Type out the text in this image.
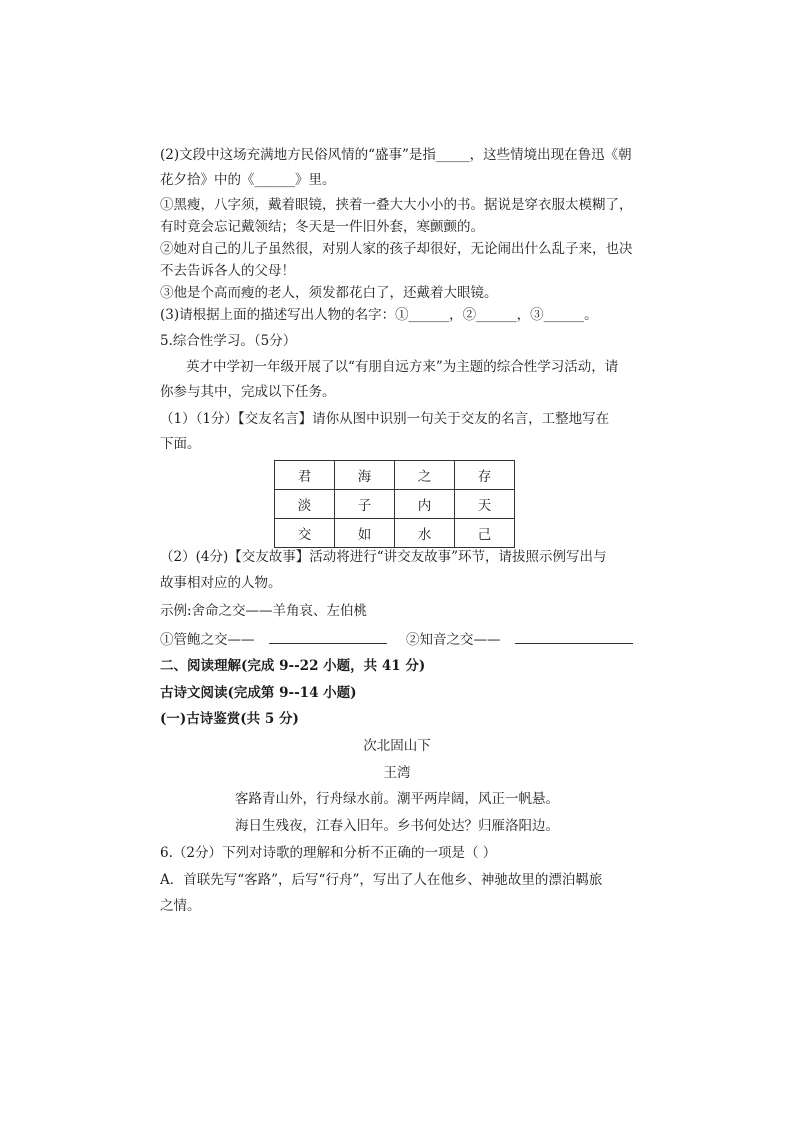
(2)文段中这场充满地方民俗风情的“盛事”是指_____，这些情境出现在鲁迅《朝
花夕拾》中的《______》里。
①黑瘦，八字须，戴着眼镜，挟着一叠大大小小的书。据说是穿衣服太模糊了，
有时竟会忘记戴领结；冬天是一件旧外套，寒颤颤的。
②她对自己的儿子虽然很，对别人家的孩子却很好，无论闹出什么乱子来，也决
不去告诉各人的父母！
③他是个高而瘦的老人，须发都花白了，还戴着大眼镜。
(3)请根据上面的描述写出人物的名字：①______，②______，③______。
5.综合性学习。（5分）
英才中学初一年级开展了以“有朋自远方来”为主题的综合性学习活动，请
你参与其中，完成以下任务。
（1）（1分）【交友名言】请你从图中识别一句关于交友的名言，工整地写在
下面。
君	海	之	存
淡	子	内	天
交	如	水	己
（2）(4分)【交友故事】活动将进行“讲交友故事”环节，请拔照示例写出与
故事相对应的人物。
示例:舍命之交——羊角哀、左伯桃
①管鲍之交——	②知音之交——
二、阅读理解(完成 9--22 小题，共 41 分)
古诗文阅读(完成第 9--14 小题)
(一)古诗鉴赏(共 5 分)
次北固山下
王湾
客路青山外，行舟绿水前。潮平两岸阔，风正一帆悬。
海日生残夜，江春入旧年。乡书何处达？归雁洛阳边。
6.（2分）下列对诗歌的理解和分析不正确的一项是（ ）
A．首联先写“客路”，后写“行舟”，写出了人在他乡、神驰故里的漂泊羁旅
之情。
